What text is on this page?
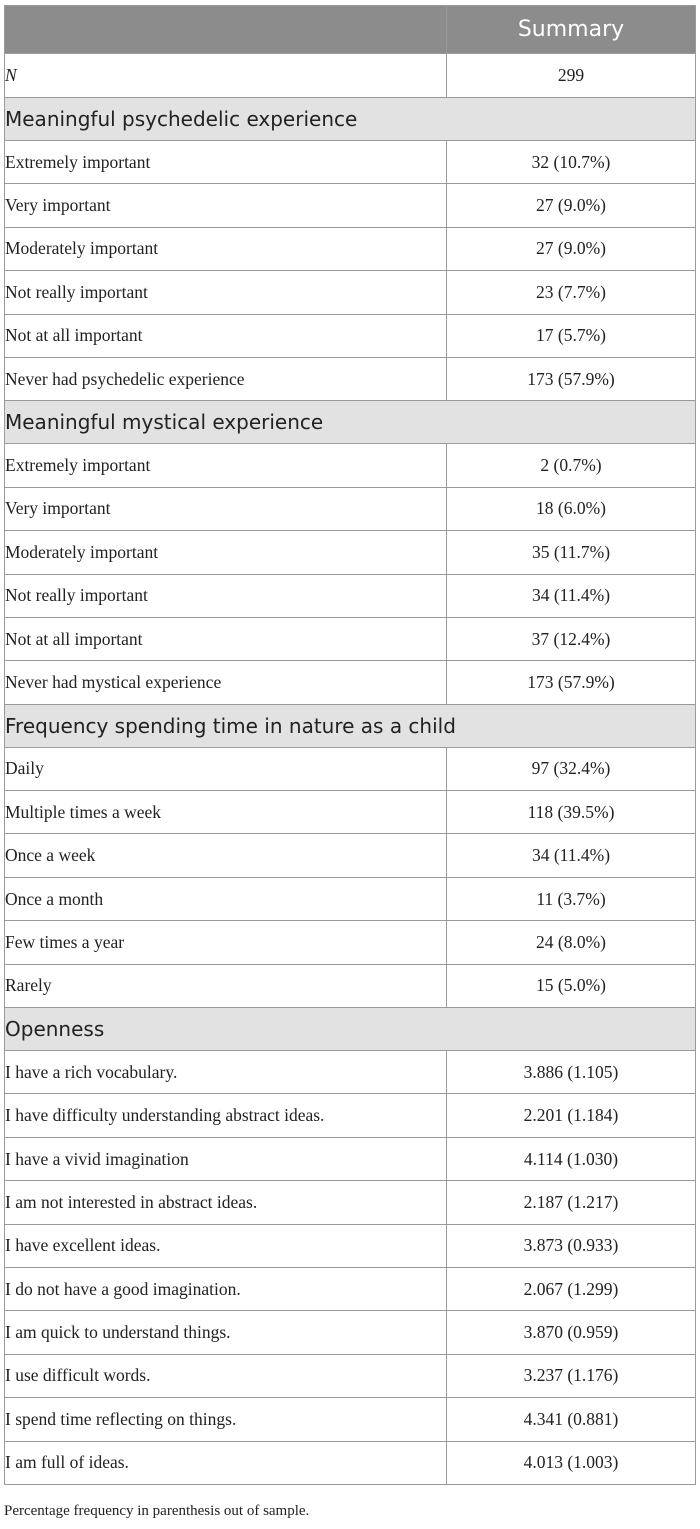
	Summary
N	299
Meaningful psychedelic experience	
Extremely important	32 (10.7%)
Very important	27 (9.0%)
Moderately important	27 (9.0%)
Not really important	23 (7.7%)
Not at all important	17 (5.7%)
Never had psychedelic experience	173 (57.9%)
Meaningful mystical experience	
Extremely important	2 (0.7%)
Very important	18 (6.0%)
Moderately important	35 (11.7%)
Not really important	34 (11.4%)
Not at all important	37 (12.4%)
Never had mystical experience	173 (57.9%)
Frequency spending time in nature as a child	
Daily	97 (32.4%)
Multiple times a week	118 (39.5%)
Once a week	34 (11.4%)
Once a month	11 (3.7%)
Few times a year	24 (8.0%)
Rarely	15 (5.0%)
Openness	
I have a rich vocabulary.	3.886 (1.105)
I have difficulty understanding abstract ideas.	2.201 (1.184)
I have a vivid imagination	4.114 (1.030)
I am not interested in abstract ideas.	2.187 (1.217)
I have excellent ideas.	3.873 (0.933)
I do not have a good imagination.	2.067 (1.299)
I am quick to understand things.	3.870 (0.959)
I use difficult words.	3.237 (1.176)
I spend time reflecting on things.	4.341 (0.881)
I am full of ideas.	4.013 (1.003)

Percentage frequency in parenthesis out of sample.
